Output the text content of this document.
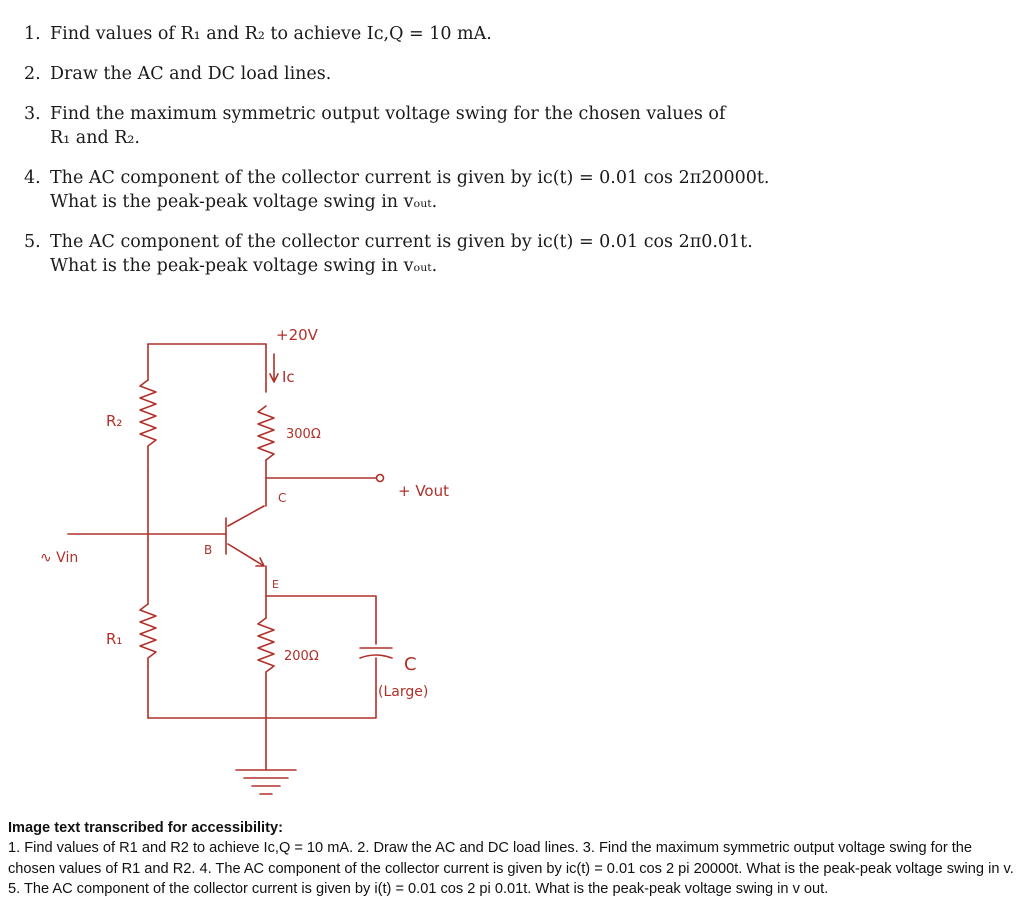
1. Find values of R₁ and R₂ to achieve Iᴄ,Q = 10 mA.
2. Draw the AC and DC load lines.
3. Find the maximum symmetric output voltage swing for the chosen values of
R₁ and R₂.
4. The AC component of the collector current is given by iᴄ(t) = 0.01 cos 2π20000t.
What is the peak-peak voltage swing in vₒᵤₜ.
5. The AC component of the collector current is given by iᴄ(t) = 0.01 cos 2π0.01t.
What is the peak-peak voltage swing in vₒᵤₜ.
+20V
Iᴄ
R₂
300Ω
C	+ Vout
∿ Vin	B
E
R₁
200Ω	C
(Large)
Image text transcribed for accessibility:
1. Find values of R1 and R2 to achieve Ic,Q = 10 mA. 2. Draw the AC and DC load lines. 3. Find the maximum symmetric output voltage swing for the chosen values of R1 and R2. 4. The AC component of the collector current is given by ic(t) = 0.01 cos 2 pi 20000t. What is the peak-peak voltage swing in v. 5. The AC component of the collector current is given by i(t) = 0.01 cos 2 pi 0.01t. What is the peak-peak voltage swing in v out.
